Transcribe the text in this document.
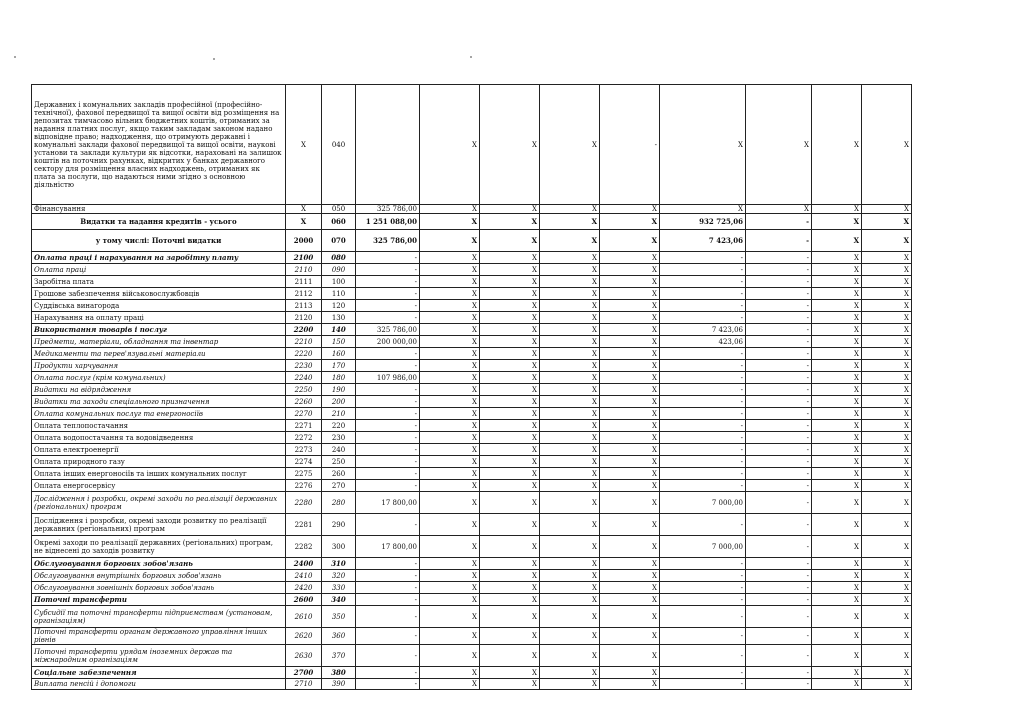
Державних і комунальних закладів професійної (професійно-технічної), фахової передвищої та вищої освіти від розміщення на депозитах тимчасово вільних бюджетних коштів, отриманих за надання платних послуг, якщо таким закладам законом надано відповідне право; надходження, що отримують державні і комунальні заклади фахової передвищої та вищої освіти, наукові установи та заклади культури як відсотки, нараховані на залишок коштів на поточних рахунках, відкритих у банках державного сектору для розміщення власних надходжень, отриманих як плата за послуги, що надаються ними згідно з основною діяльністю	X	040		X	X	X	-	X	X	X	X
Фінансування	X	050	325 786,00	X	X	X	X	X	X	X	X
Видатки та надання кредитів - усього	X	060	1 251 088,00	X	X	X	X	932 725,06	-	X	X
у тому числі: Поточні видатки	2000	070	325 786,00	X	X	X	X	7 423,06	-	X	X
Оплата праці і нарахування на заробітну плату	2100	080	-	X	X	X	X	-	-	X	X
Оплата праці	2110	090	-	X	X	X	X	-	-	X	X
Заробітна плата	2111	100	-	X	X	X	X	-	-	X	X
Грошове забезпечення військовослужбовців	2112	110	-	X	X	X	X	-	-	X	X
Суддівська винагорода	2113	120	-	X	X	X	X	-	-	X	X
Нарахування на оплату праці	2120	130	-	X	X	X	X	-	-	X	X
Використання товарів і послуг	2200	140	325 786,00	X	X	X	X	7 423,06	-	X	X
Предмети, матеріали, обладнання та інвентар	2210	150	200 000,00	X	X	X	X	423,06	-	X	X
Медикаменти та перев'язувальні матеріали	2220	160	-	X	X	X	X	-	-	X	X
Продукти харчування	2230	170	-	X	X	X	X	-	-	X	X
Оплата послуг (крім комунальних)	2240	180	107 986,00	X	X	X	X	-	-	X	X
Видатки на відрядження	2250	190	-	X	X	X	X	-	-	X	X
Видатки та заходи спеціального призначення	2260	200	-	X	X	X	X	-	-	X	X
Оплата комунальних послуг та енергоносіїв	2270	210	-	X	X	X	X	-	-	X	X
Оплата теплопостачання	2271	220	-	X	X	X	X	-	-	X	X
Оплата водопостачання та водовідведення	2272	230	-	X	X	X	X	-	-	X	X
Оплата електроенергії	2273	240	-	X	X	X	X	-	-	X	X
Оплата природного газу	2274	250	-	X	X	X	X	-	-	X	X
Оплата інших енергоносіїв та інших комунальних послуг	2275	260	-	X	X	X	X	-	-	X	X
Оплата енергосервісу	2276	270	-	X	X	X	X	-	-	X	X
Дослідження і розробки, окремі заходи по реалізації державних (регіональних) програм	2280	280	17 800,00	X	X	X	X	7 000,00	-	X	X
Дослідження і розробки, окремі заходи розвитку по реалізації державних (регіональних) програм	2281	290	-	X	X	X	X	-	-	X	X
Окремі заходи по реалізації державних (регіональних) програм, не віднесені до заходів розвитку	2282	300	17 800,00	X	X	X	X	7 000,00	-	X	X
Обслуговування боргових зобов'язань	2400	310	-	X	X	X	X	-	-	X	X
Обслуговування внутрішніх боргових зобов'язань	2410	320	-	X	X	X	X	-	-	X	X
Обслуговування зовнішніх боргових зобов'язань	2420	330	-	X	X	X	X	-	-	X	X
Поточні трансферти	2600	340	-	X	X	X	X	-	-	X	X
Субсидії та поточні трансферти підприємствам (установам, організаціям)	2610	350	-	X	X	X	X	-	-	X	X
Поточні трансферти органам державного управління інших рівнів	2620	360	-	X	X	X	X	-	-	X	X
Поточні трансферти урядам іноземних держав та міжнародним організаціям	2630	370	-	X	X	X	X	-	-	X	X
Соціальне забезпечення	2700	380	-	X	X	X	X	-	-	X	X
Виплата пенсій і допомоги	2710	390	-	X	X	X	X	-	-	X	X
